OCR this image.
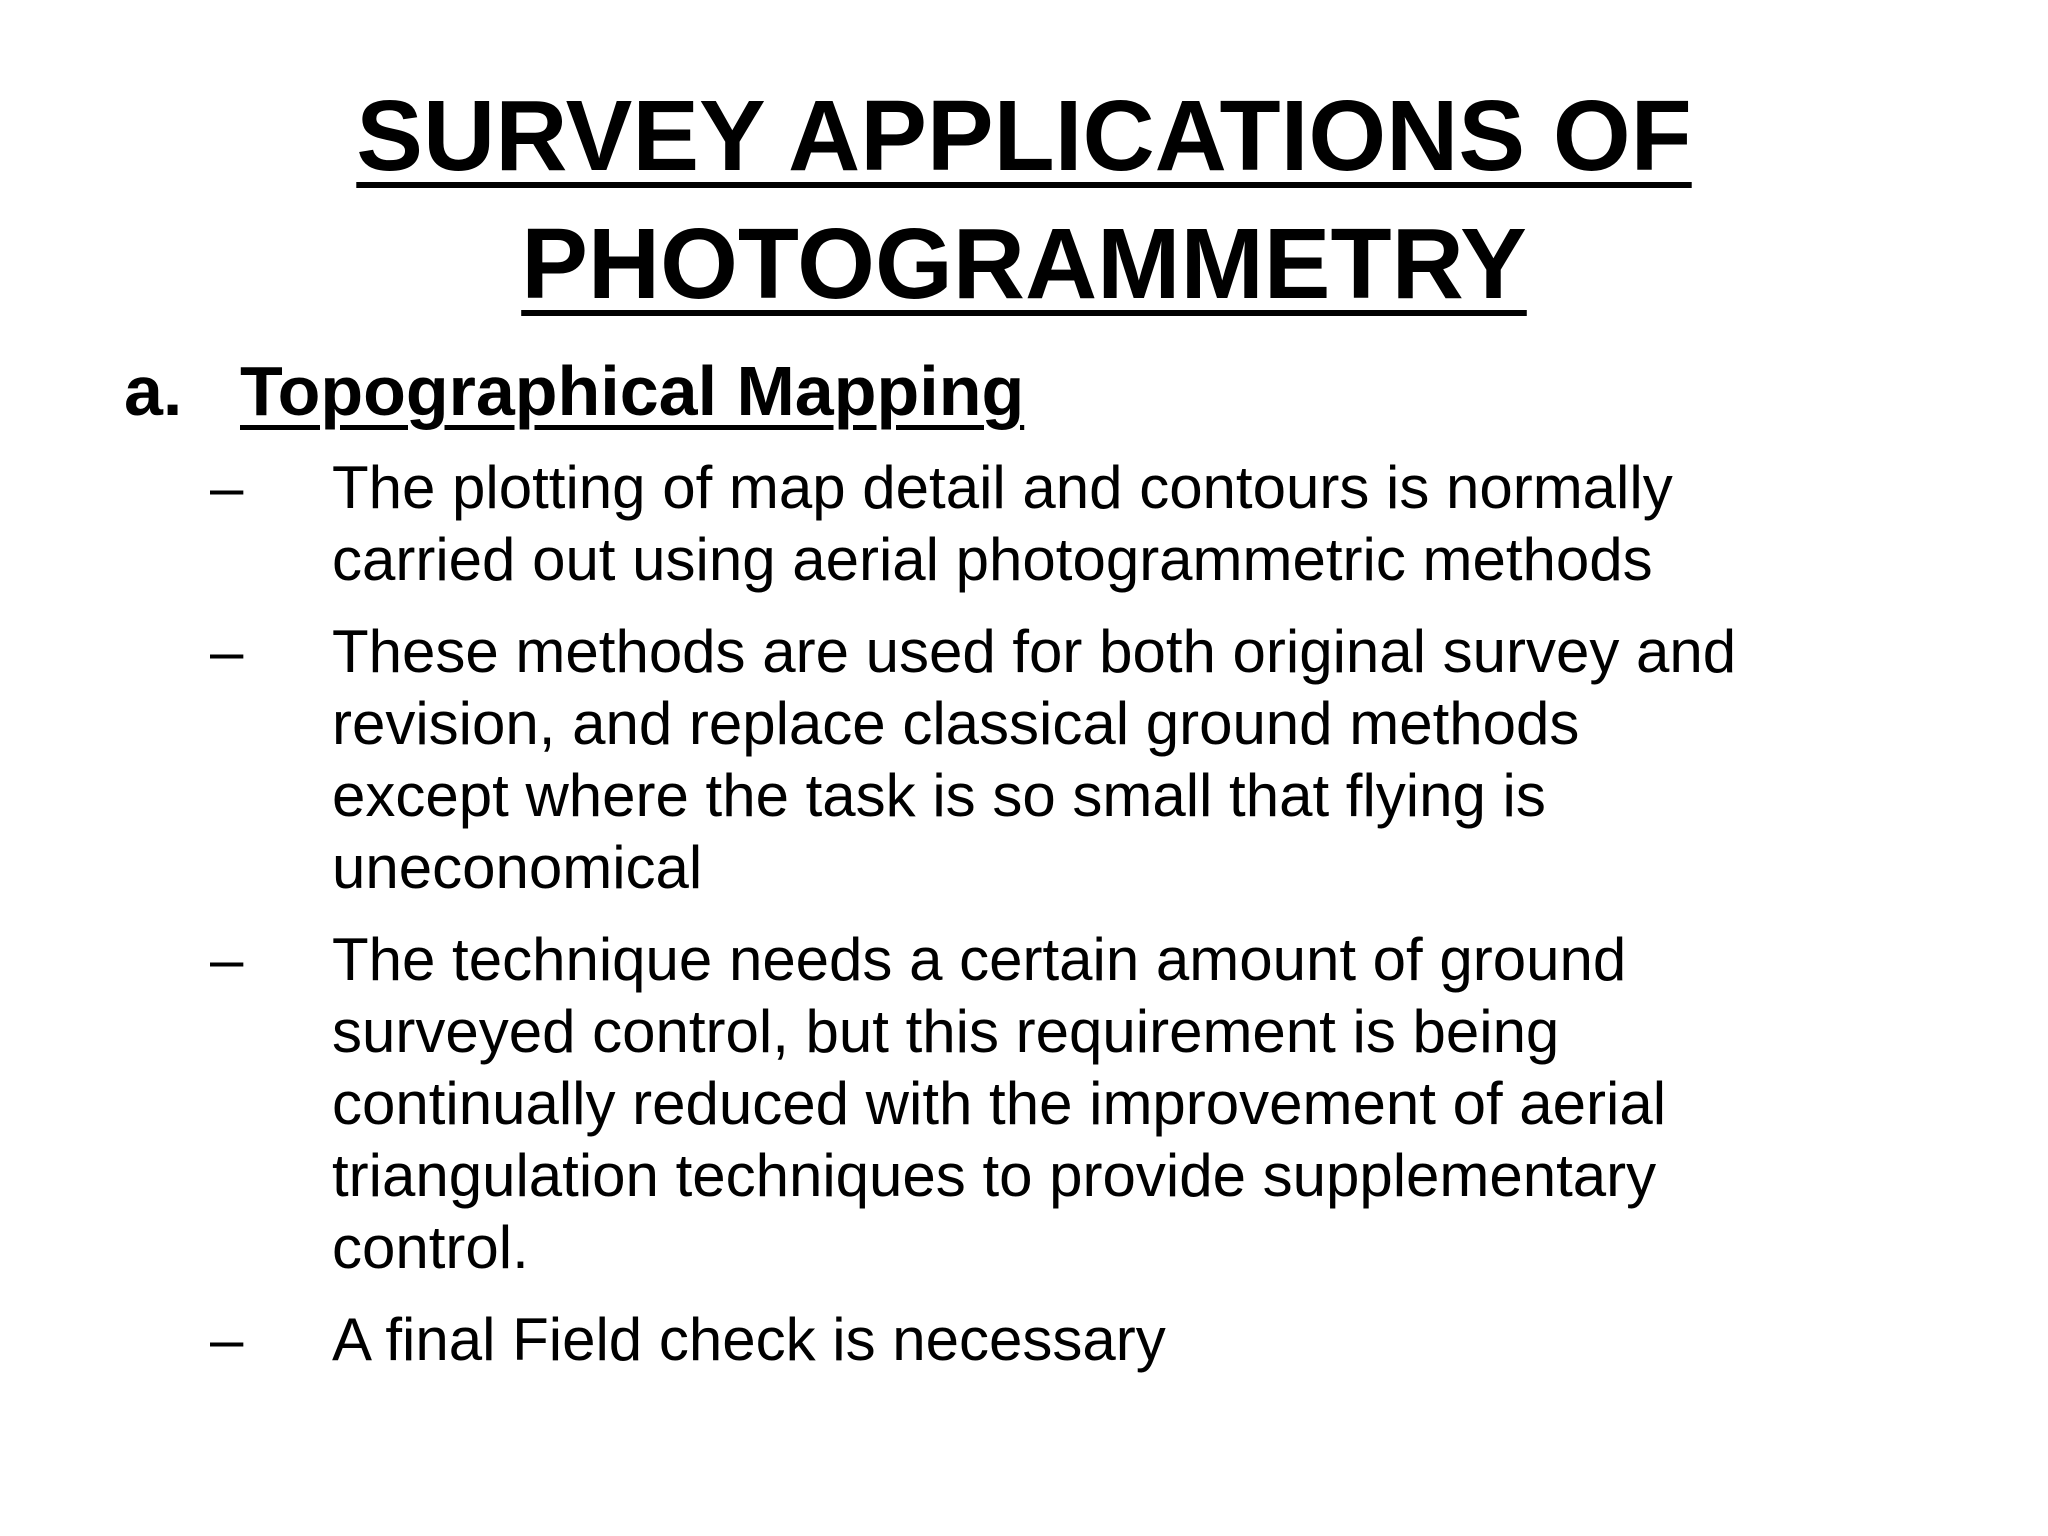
SURVEY APPLICATIONS OF
PHOTOGRAMMETRY
a. Topographical Mapping
–	The plotting of map detail and contours is normally
carried out using aerial photogrammetric methods
–	These methods are used for both original survey and
revision, and replace classical ground methods
except where the task is so small that flying is
uneconomical
–	The technique needs a certain amount of ground
surveyed control, but this requirement is being
continually reduced with the improvement of aerial
triangulation techniques to provide supplementary
control.
–	A final Field check is necessary
